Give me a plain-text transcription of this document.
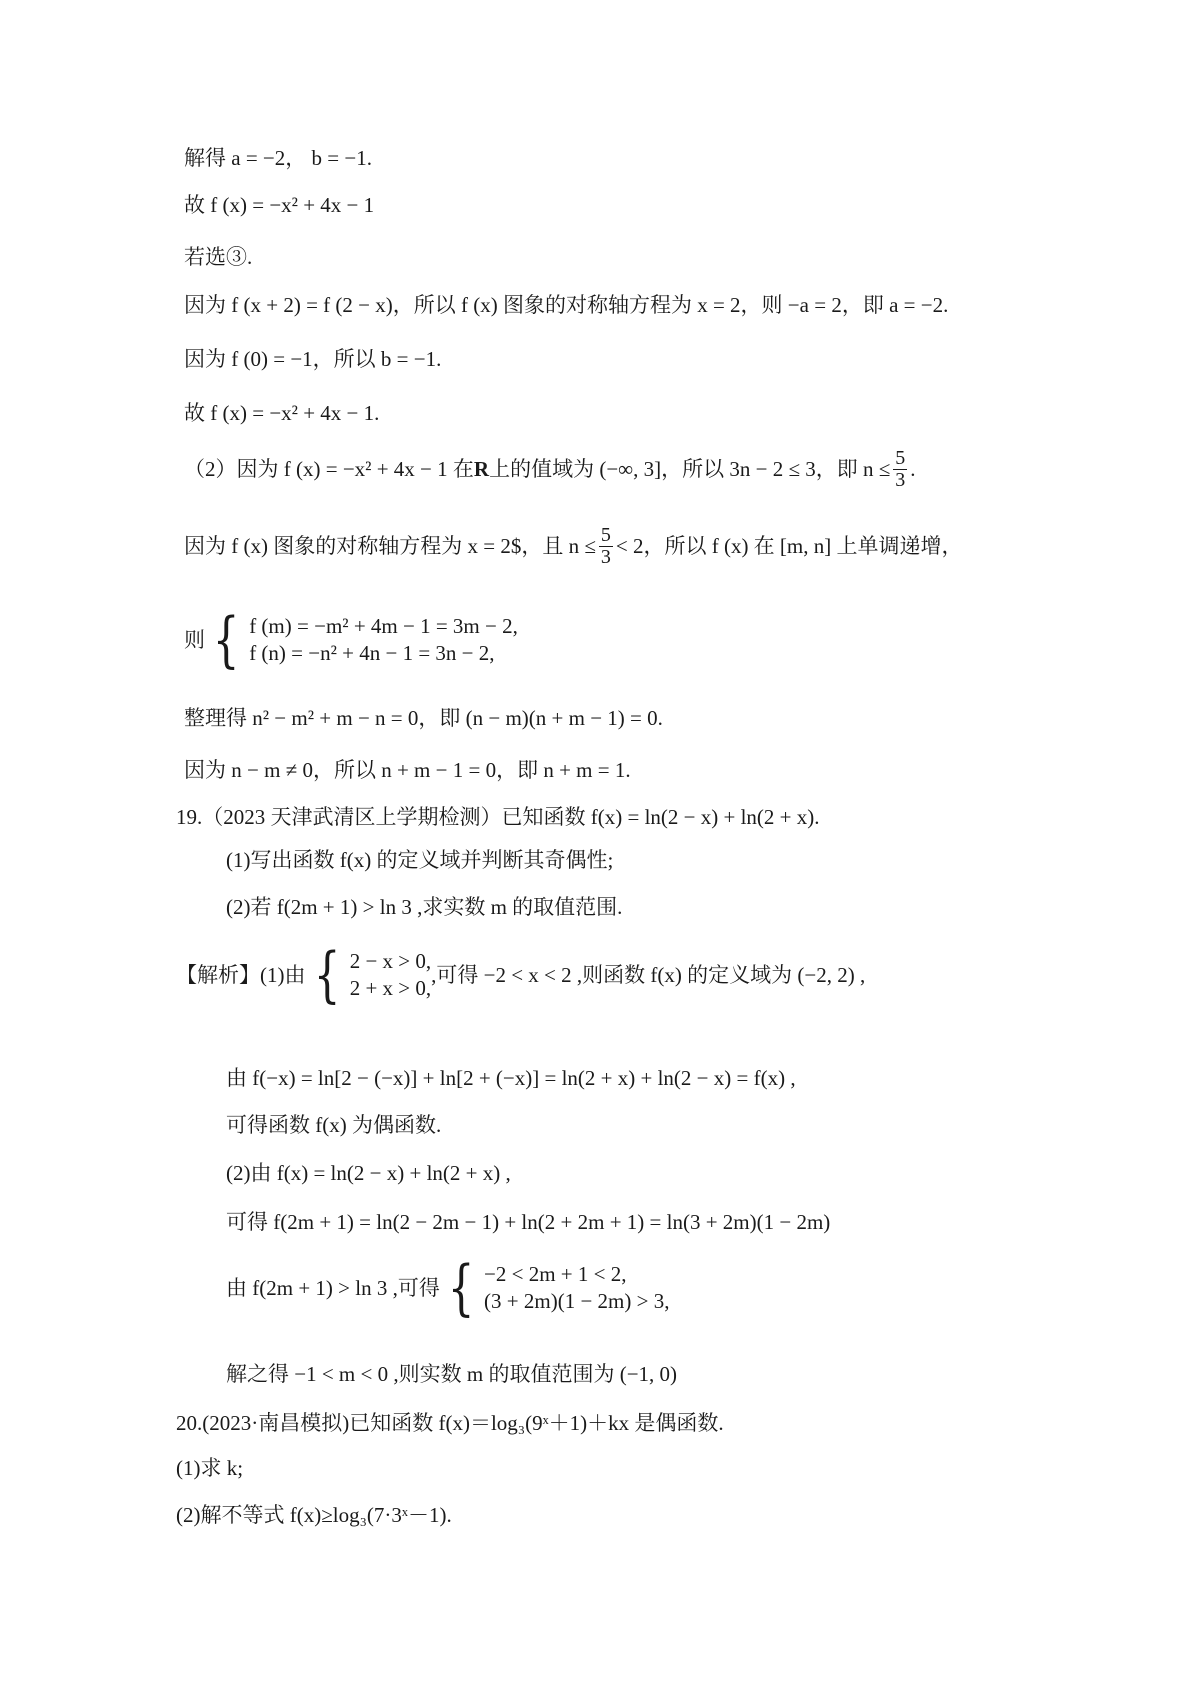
解得 a = −2， b = −1.
故 f (x) = −x² + 4x − 1
若选③.
因为 f (x + 2) = f (2 − x)，所以 f (x) 图象的对称轴方程为 x = 2，则 −a = 2，即 a = −2.
因为 f (0) = −1，所以 b = −1.
故 f (x) = −x² + 4x − 1.
（2）因为 f (x) = −x² + 4x − 1 在 R 上的值域为 (−∞, 3]，所以 3n − 2 ≤ 3，即 $n \le \frac{5}{3}$ .
因为 f (x) 图象的对称轴方程为 x = 2$，且 $n \le \frac{5}{3} < 2$，所以 f (x) 在 [m, n] 上单调递增，
则 { f (m) = −m² + 4m − 1 = 3m − 2,
f (n) = −n² + 4n − 1 = 3n − 2,
整理得 n² − m² + m − n = 0，即 (n − m)(n + m − 1) = 0.
因为 n − m ≠ 0，所以 n + m − 1 = 0，即 n + m = 1.
19.（2023 天津武清区上学期检测）已知函数 f(x) = ln(2 − x) + ln(2 + x).
(1)写出函数 f(x) 的定义域并判断其奇偶性;
(2)若 f(2m + 1) > ln 3 ,求实数 m 的取值范围.
【解析】(1)由 { 2 − x > 0,
2 + x > 0,
,可得 −2 < x < 2 ,则函数 f(x) 的定义域为 (−2, 2) ,
由 f(−x) = ln[2 − (−x)] + ln[2 + (−x)] = ln(2 + x) + ln(2 − x) = f(x) ,
可得函数 f(x) 为偶函数.
(2)由 f(x) = ln(2 − x) + ln(2 + x) ,
可得 f(2m + 1) = ln(2 − 2m − 1) + ln(2 + 2m + 1) = ln(3 + 2m)(1 − 2m)
由 f(2m + 1) > ln 3 ,可得 { −2 < 2m + 1 < 2,
(3 + 2m)(1 − 2m) > 3,
解之得 −1 < m < 0 ,则实数 m 的取值范围为 (−1, 0)
20.(2023·南昌模拟)已知函数 f(x)＝log₃(9ˣ＋1)＋kx 是偶函数.
(1)求 k;
(2)解不等式 f(x)≥log₃(7·3ˣ－1).
